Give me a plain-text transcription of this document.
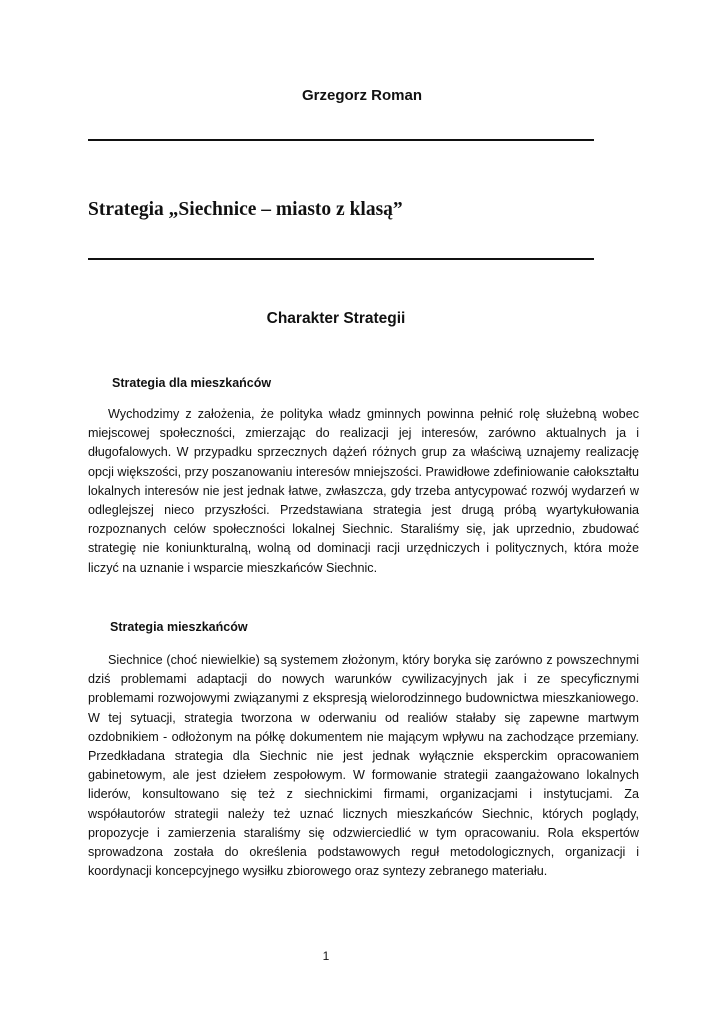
Grzegorz Roman
Strategia „Siechnice – miasto z klasą”
Charakter Strategii
Strategia dla mieszkańców

Wychodzimy z założenia, że polityka władz gminnych powinna pełnić rolę służebną wobec miejscowej społeczności, zmierzając do realizacji jej interesów, zarówno aktualnych ja i długofalowych. W przypadku sprzecznych dążeń różnych grup za właściwą uznajemy realizację opcji większości, przy poszanowaniu interesów mniejszości. Prawidłowe zdefiniowanie całokształtu lokalnych interesów nie jest jednak łatwe, zwłaszcza, gdy trzeba antycypować rozwój wydarzeń w odleglejszej nieco przyszłości. Przedstawiana strategia jest drugą próbą wyartykułowania rozpoznanych celów społeczności lokalnej Siechnic. Staraliśmy się, jak uprzednio, zbudować strategię nie koniunkturalną, wolną od dominacji racji urzędniczych i politycznych, która może liczyć na uznanie i wsparcie mieszkańców Siechnic.

Strategia mieszkańców

Siechnice (choć niewielkie) są systemem złożonym, który boryka się zarówno z powszechnymi dziś problemami adaptacji do nowych warunków cywilizacyjnych jak i ze specyficznymi problemami rozwojowymi związanymi z ekspresją wielorodzinnego budownictwa mieszkaniowego. W tej sytuacji, strategia tworzona w oderwaniu od realiów stałaby się zapewne martwym ozdobnikiem - odłożonym na półkę dokumentem nie mającym wpływu na zachodzące przemiany. Przedkładana strategia dla Siechnic nie jest jednak wyłącznie eksperckim opracowaniem gabinetowym, ale jest dziełem zespołowym. W formowanie strategii zaangażowano lokalnych liderów, konsultowano się też z siechnickimi firmami, organizacjami i instytucjami. Za współautorów strategii należy też uznać licznych mieszkańców Siechnic, których poglądy, propozycje i zamierzenia staraliśmy się odzwierciedlić w tym opracowaniu. Rola ekspertów sprowadzona została do określenia podstawowych reguł metodologicznych, organizacji i koordynacji koncepcyjnego wysiłku zbiorowego oraz syntezy zebranego materiału.

1
